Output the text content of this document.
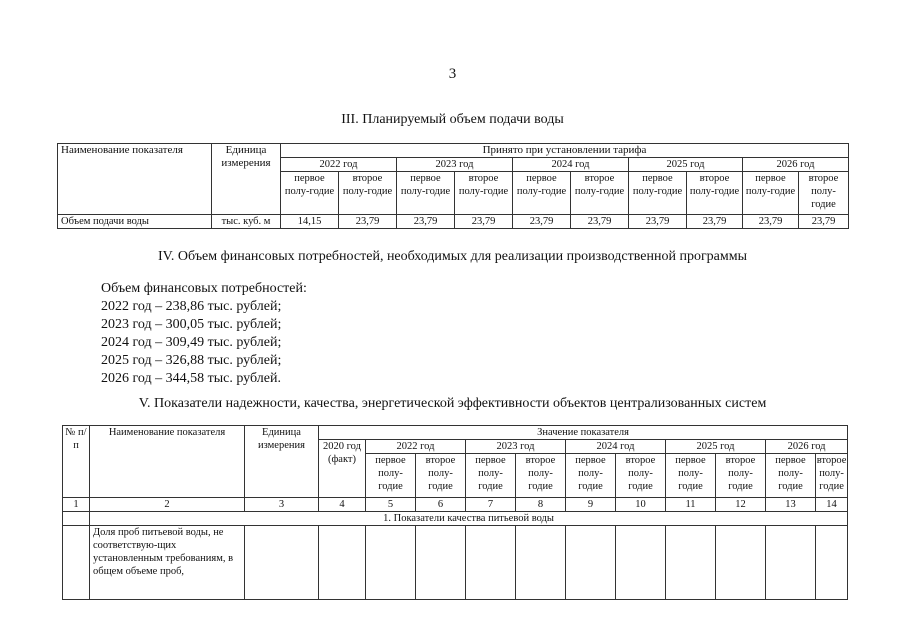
3
III. Планируемый объем подачи воды
Наименование показателя	Единица измерения	Принято при установлении тарифа									
		2022 год		2023 год		2024 год		2025 год		2026 год	
		первое полу-годие	второе полу-годие	первое полу-годие	второе полу-годие	первое полу-годие	второе полу-годие	первое полу-годие	второе полу-годие	первое полу-годие	второе полу-годие
Объем подачи воды	тыс. куб. м	14,15	23,79	23,79	23,79	23,79	23,79	23,79	23,79	23,79	23,79
IV. Объем финансовых потребностей, необходимых для реализации производственной программы
Объем финансовых потребностей:
2022 год – 238,86 тыс. рублей;
2023 год – 300,05 тыс. рублей;
2024 год – 309,49 тыс. рублей;
2025 год – 326,88 тыс. рублей;
2026 год – 344,58 тыс. рублей.
V. Показатели надежности, качества, энергетической эффективности объектов централизованных систем
№ п/п	Наименование показателя	Единица измерения	Значение показателя										
			2020 год (факт)	2022 год		2023 год		2024 год		2025 год		2026 год	
				первое полу-годие	второе полу-годие	первое полу-годие	второе полу-годие	первое полу-годие	второе полу-годие	первое полу-годие	второе полу-годие	первое полу-годие	второе полу-годие
1	2	3	4	5	6	7	8	9	10	11	12	13	14
	1. Показатели качества питьевой воды												
	Доля проб питьевой воды, не соответствую-щих установленным требованиям, в общем объеме проб,												
